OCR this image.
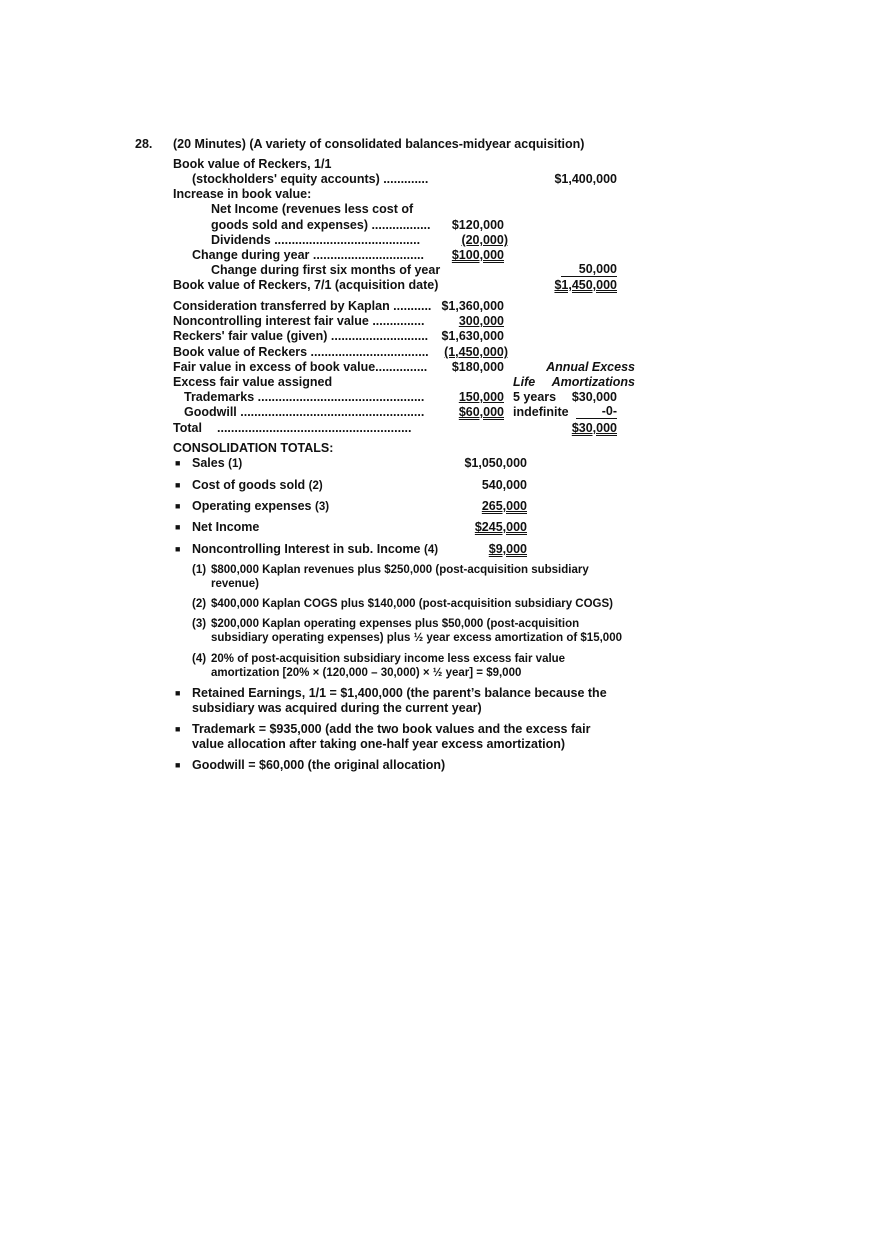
28. (20 Minutes) (A variety of consolidated balances-midyear acquisition)
Book value of Reckers, 1/1
(stockholders' equity accounts) .............	$1,400,000
Increase in book value:
Net Income (revenues less cost of
goods sold and expenses) ................. $120,000
Dividends ..........................................	(20,000)
Change during year ................................ $100,000
Change during first six months of year	50,000
Book value of Reckers, 7/1 (acquisition date)	$1,450,000
Consideration transferred by Kaplan ........... $1,360,000
Noncontrolling interest fair value ...............	300,000
Reckers' fair value (given) ............................ $1,630,000
Book value of Reckers .................................. (1,450,000)
Fair value in excess of book value............... $180,000	Annual Excess
Excess fair value assigned	Life Amortizations
Trademarks ................................................	150,000 5 years $30,000
Goodwill .....................................................	$60,000 indefinite	-0-
Total ........................................................	$30,000
CONSOLIDATION TOTALS:
■ Sales (1)	$1,050,000
■ Cost of goods sold (2)	540,000
■ Operating expenses (3)	265,000
■ Net Income	$245,000
■ Noncontrolling Interest in sub. Income (4)	$9,000
(1) $800,000 Kaplan revenues plus $250,000 (post-acquisition subsidiary
revenue)
(2) $400,000 Kaplan COGS plus $140,000 (post-acquisition subsidiary COGS)
(3) $200,000 Kaplan operating expenses plus $50,000 (post-acquisition
subsidiary operating expenses) plus ½ year excess amortization of $15,000
(4) 20% of post-acquisition subsidiary income less excess fair value
amortization [20% × (120,000 – 30,000) × ½ year] = $9,000
■ Retained Earnings, 1/1 = $1,400,000 (the parent’s balance because the
subsidiary was acquired during the current year)
■ Trademark = $935,000 (add the two book values and the excess fair
value allocation after taking one-half year excess amortization)
■ Goodwill = $60,000 (the original allocation)
